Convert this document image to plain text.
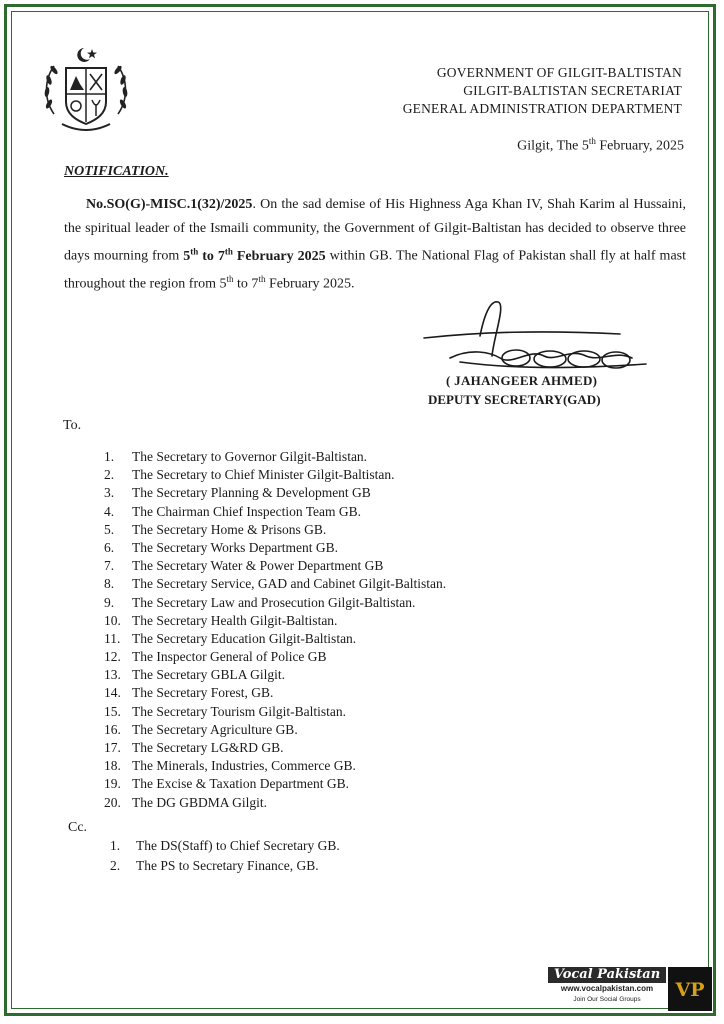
GOVERNMENT OF GILGIT-BALTISTAN
GILGIT-BALTISTAN SECRETARIAT
GENERAL ADMINISTRATION DEPARTMENT
Gilgit, The 5th February, 2025
NOTIFICATION.
No.SO(G)-MISC.1(32)/2025. On the sad demise of His Highness Aga Khan IV, Shah Karim al Hussaini, the spiritual leader of the Ismaili community, the Government of Gilgit-Baltistan has decided to observe three days mourning from 5th to 7th February 2025 within GB. The National Flag of Pakistan shall fly at half mast throughout the region from 5th to 7th February 2025.
( JAHANGEER AHMED)
DEPUTY SECRETARY(GAD)
To.
1. The Secretary to Governor Gilgit-Baltistan.
2. The Secretary to Chief Minister Gilgit-Baltistan.
3. The Secretary Planning & Development GB
4. The Chairman Chief Inspection Team GB.
5. The Secretary Home & Prisons GB.
6. The Secretary Works Department GB.
7. The Secretary Water & Power Department GB
8. The Secretary Service, GAD and Cabinet Gilgit-Baltistan.
9. The Secretary Law and Prosecution Gilgit-Baltistan.
10. The Secretary Health Gilgit-Baltistan.
11. The Secretary Education Gilgit-Baltistan.
12. The Inspector General of Police GB
13. The Secretary GBLA Gilgit.
14. The Secretary Forest, GB.
15. The Secretary Tourism Gilgit-Baltistan.
16. The Secretary Agriculture GB.
17. The Secretary LG&RD GB.
18. The Minerals, Industries, Commerce GB.
19. The Excise & Taxation Department GB.
20. The DG GBDMA Gilgit.
Cc.
1. The DS(Staff) to Chief Secretary GB.
2. The PS to Secretary Finance, GB.
Vocal Pakistan
www.vocalpakistan.com
Join Our Social Groups	VP
